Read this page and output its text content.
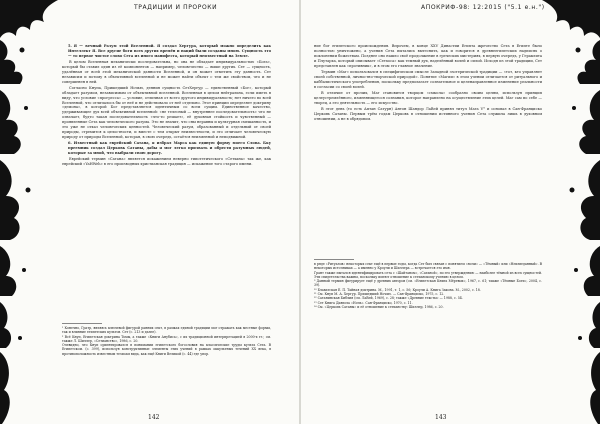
ТРАДИЦИИ И ПРОРОКИ

5. Я — вечный Разум этой Вселенной. Я создал Хергура, который можно определить как Интеллект Я. Все другие боги всех других времён и наций были созданы мною. Сущность это — то первое чистое слово Сета из иного манифеста, который неизвестный на Земле.

В целом Вселенная механически последовательна, но она не обладает индивидуальностью «Бога», который бы ставил один из её компонентов — например, человечество — выше других. Сет — сущность, удалённая от всей этой механической данности Вселенной, и он может отметить эту данность. Сет независим и потому в объективной вселенной и не может найти объект с тем же свойством, что и не совершенен в ней.

Согласно Кнупа, Пришедший Ночью, деяния сущность СетХергур — единственный «Бог», который обладает разумом, независимым от объективной вселенной. Вселенная в целом нейтральна, если иметь в виду, что условие «прогресса» — условие, отличная от всего другого индивидуальность; нет ничего во всей Вселенной, что отличалось бы от неё и не действовало от неё отдельно. Этот принцип определяет доктрину «демона», в которой Бог представляется идентичным со всем сущим. Единственное качество, удерживающее дух всей объективной вселенной: «не телесный — внутреннее последовательность» что не означает, будто такая последовательность «что-то решает», её духовная стойкость и чувственный — проявленные Сета как человеческого разума. Это не значит, что сны неравны и культурная смешанность, и это уже не отказ человеческих ценностей. Человеческий разум, образованный и отдельный от своей природы, стремится к целостности, и вместе с тем открыт неизвестности, и это отличает человеческую природу от природы Вселенной, которая, в свою очередь, остаётся неизменной и неподвижной.

6. Известный как еврейский Сатана, я избрал Марса как единую форму моего Слова. Бку преемник создал Церковь Сатаны, дабы я мог легко призвать и обрести разумных людей, которые за мной, что выбрали свою дорогу.

Еврейский термин «Сатана» является искажением неверно гипотетического «Сетхана» так же, как еврейский «YaHWeh» в его производных христианская традиция — искажение того старого имени.

¹ Конечно, Гратр, являясь ключевой фигурой ранних сект, в рамках единой традиции мог отражать как местные формы, так и влияние египетских культов. Сет (с. 213 и далее).

² Всё Кнуп, Египетская доктрина Тьмы, а также «Книги Анубиса», с их традиционной интерпретацией в 2000-х гг.; см. также Л. Шиллер, «Сетианство», 1986, с. 20.

Очевидно, что Кнуп ориентировался в понимании египетского богословия на классические труды культа Сета. В Египетском. (с. 399), используя конструктивные элементы этих учений в рамках оккультных течений ХХ века, в противоположность известным тезисам вида, как ещё Книги Великой (с. 44) где упор.

142
АПОКРИФ-98: 12:2015 ("5.1 e.н.")

ние бог египетского происхождения. Впрочем, в конце XXV Династии Египта жречество Сета в Египте было полностью уничтожено, а учения Сета пытались вытеснить, как и говорится в древнеегипетских надписях о поклонении божествам. Позднее оно нашло своё продолжение в греческих мистериях, в первую очередь, у Гераклита и Плутарха, который описывает «Сетхоса» как темный дух, наделённый волей и силой. Исходя из этой традиции, Сет представлен как «противник», и в этом его главное значение.

Термин «Маг» использовался в специфическом смысле Западной эзотерической традиции — «тот, кто управляет своей собственной, личностно-творческой природой». Понятие «Магии» в этом учении отличается от ритуального и каббалистического употребления, поскольку предполагает сознательное и целенаправленное изменение реальности в согласии со своей волей.

В отличие от прочих, Маг становится творцом «смысла» сообразно своим целям, используя принцип целеустремлённого, изменяющегося сознания, которое направлено на осуществление этих целей. Маг сам по себе — творец, а его деятельность — его искусство.

В этот день (то есть Аптан Сатурн) Антон Шандор ЛаВей принял титул Мага V° и основал в Сан-Франциско Церковь Сатаны. Первым трём годам Церковь в отношении истинного учения Сета служила лишь в духовном отношении, а не в обрядовом.

в ряде «Ритуалов» некоторых сект ещё в первые годы, когда Сет был связан с понятием «ночи» — «Тёмный» или «Неизведанный». В некоторых источниках — а именно у Кроули и Шиллера — встречается это имя.

Грант также пытался идентифицировать сета с «Шайтаном», «Сатаной», по его утверждению — наиболее тёмной из всех сущностей. Эти свидетельства важны, поскольку имеют отношение к сетианскому учению в целом.

⁹ Данный термин фигурирует ещё у древних авторов (см. «Египетская Книга Мёртвых», 1967, с. 61; также «Тёмные Боги», 2004, с. 39).

¹⁰ Блаватская Е. П. Тайная доктрина. М., 1991, т. 1, с. 56; Кроули А. Книга Закона. М., 2002, с. 18.

¹¹ См. Кнуп М. А. Хергур. Пришедший Ночью. — Сан-Франциско, 1975, с. 12.

¹² Сатанинская Библия (см. ЛаВей, 1969), с. 28; также «Древние тексты» — 1988, с. 54.

¹³ Сет Книга Дьявола «Ночь». Сан-Франциско, 1970, с. 11.

¹⁴ См. «Церковь Сатаны» и её отношение к сетианству: Шиллер, 1986, с. 20.

143
